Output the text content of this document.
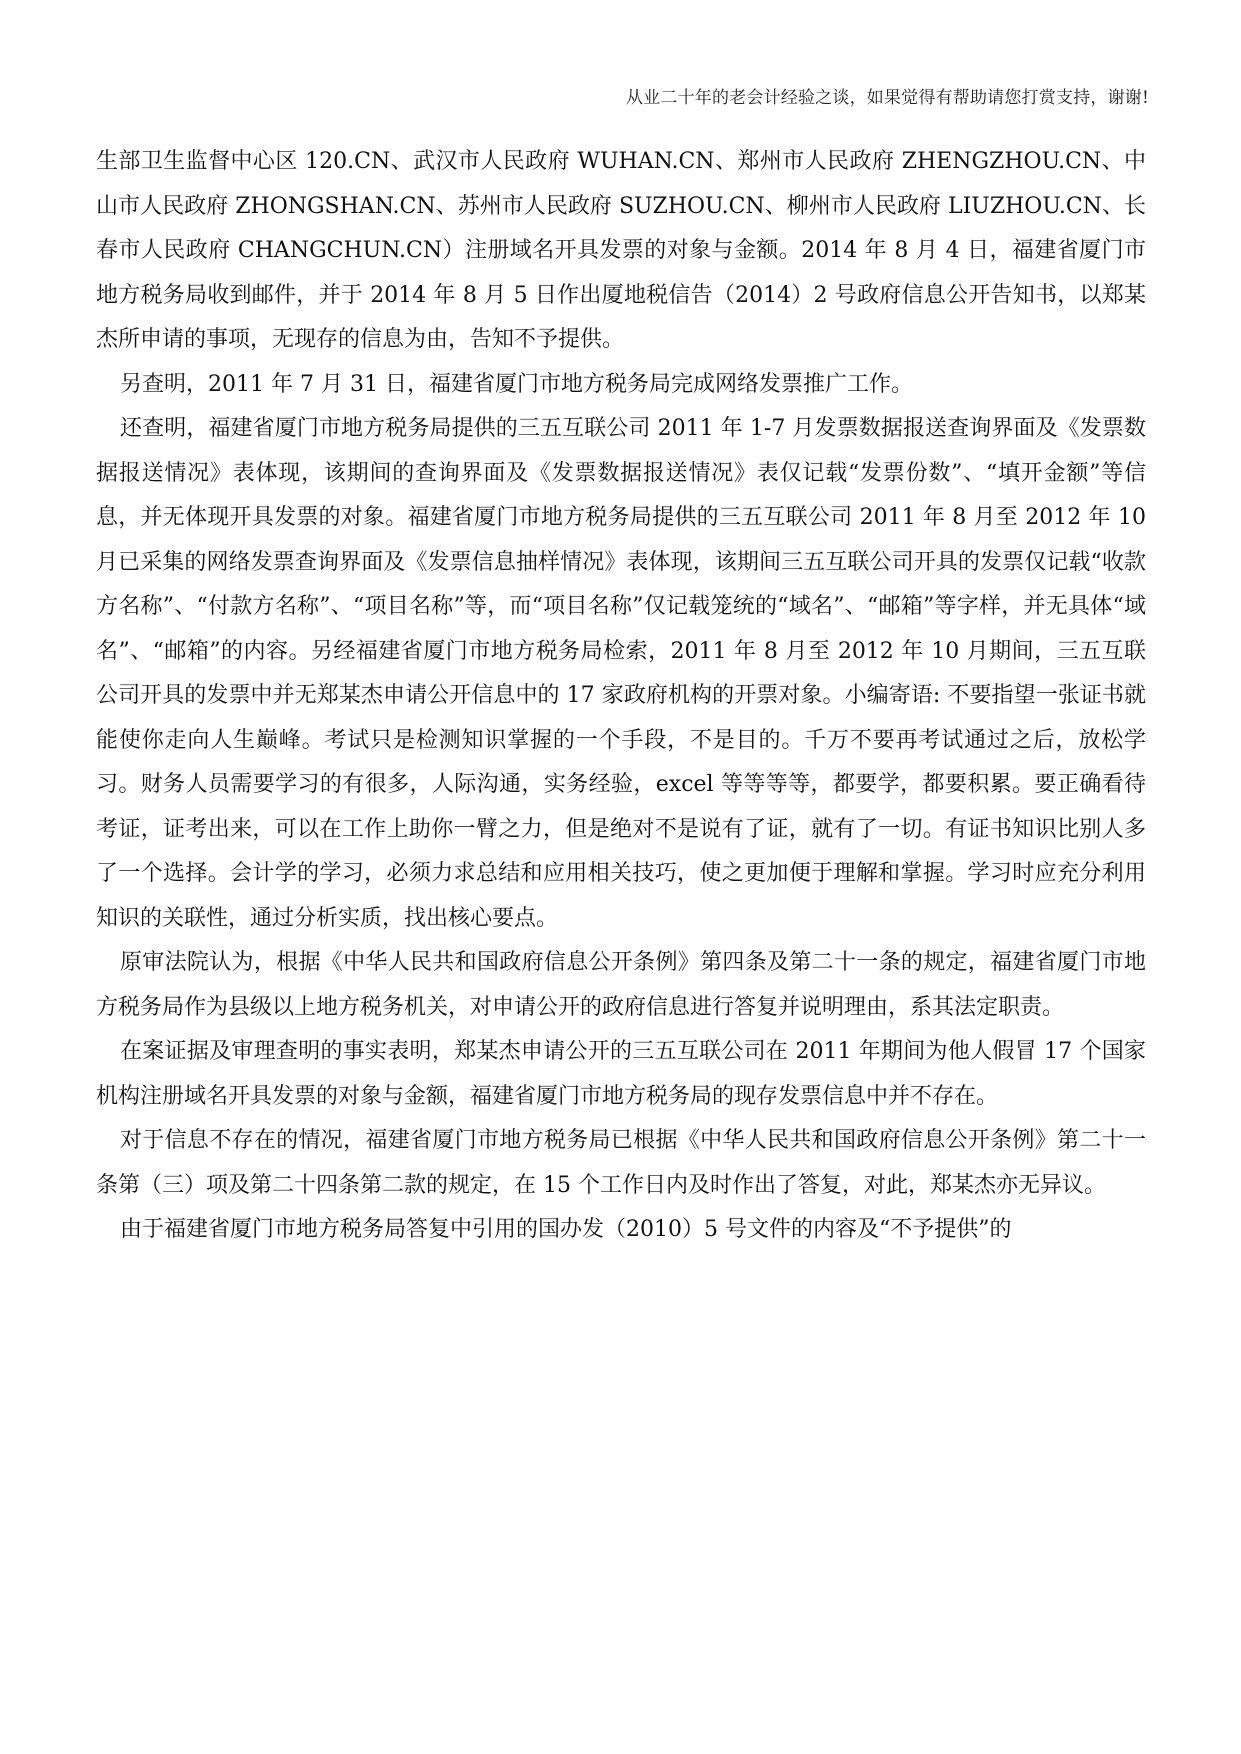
从业二十年的老会计经验之谈，如果觉得有帮助请您打赏支持，谢谢!

生部卫生监督中心区 120.CN、武汉市人民政府 WUHAN.CN、郑州市人民政府 ZHENGZHOU.CN、中山市人民政府 ZHONGSHAN.CN、苏州市人民政府 SUZHOU.CN、柳州市人民政府 LIUZHOU.CN、长春市人民政府 CHANGCHUN.CN）注册域名开具发票的对象与金额。2014 年 8 月 4 日，福建省厦门市地方税务局收到邮件，并于 2014 年 8 月 5 日作出厦地税信告（2014）2 号政府信息公开告知书，以郑某杰所申请的事项，无现存的信息为由，告知不予提供。

另查明，2011 年 7 月 31 日，福建省厦门市地方税务局完成网络发票推广工作。

还查明，福建省厦门市地方税务局提供的三五互联公司 2011 年 1-7 月发票数据报送查询界面及《发票数据报送情况》表体现，该期间的查询界面及《发票数据报送情况》表仅记载“发票份数”、“填开金额”等信息，并无体现开具发票的对象。福建省厦门市地方税务局提供的三五互联公司 2011 年 8 月至 2012 年 10 月已采集的网络发票查询界面及《发票信息抽样情况》表体现，该期间三五互联公司开具的发票仅记载“收款方名称”、“付款方名称”、“项目名称”等，而“项目名称”仅记载笼统的“域名”、“邮箱”等字样，并无具体“域名”、“邮箱”的内容。另经福建省厦门市地方税务局检索，2011 年 8 月至 2012 年 10 月期间，三五互联公司开具的发票中并无郑某杰申请公开信息中的 17 家政府机构的开票对象。小编寄语: 不要指望一张证书就能使你走向人生巅峰。考试只是检测知识掌握的一个手段，不是目的。千万不要再考试通过之后，放松学习。财务人员需要学习的有很多，人际沟通，实务经验，excel 等等等等，都要学，都要积累。要正确看待考证，证考出来，可以在工作上助你一臂之力，但是绝对不是说有了证，就有了一切。有证书知识比别人多了一个选择。会计学的学习，必须力求总结和应用相关技巧，使之更加便于理解和掌握。学习时应充分利用知识的关联性，通过分析实质，找出核心要点。

原审法院认为，根据《中华人民共和国政府信息公开条例》第四条及第二十一条的规定，福建省厦门市地方税务局作为县级以上地方税务机关，对申请公开的政府信息进行答复并说明理由，系其法定职责。

在案证据及审理查明的事实表明，郑某杰申请公开的三五互联公司在 2011 年期间为他人假冒 17 个国家机构注册域名开具发票的对象与金额，福建省厦门市地方税务局的现存发票信息中并不存在。

对于信息不存在的情况，福建省厦门市地方税务局已根据《中华人民共和国政府信息公开条例》第二十一条第（三）项及第二十四条第二款的规定，在 15 个工作日内及时作出了答复，对此，郑某杰亦无异议。

由于福建省厦门市地方税务局答复中引用的国办发（2010）5 号文件的内容及“不予提供”的
